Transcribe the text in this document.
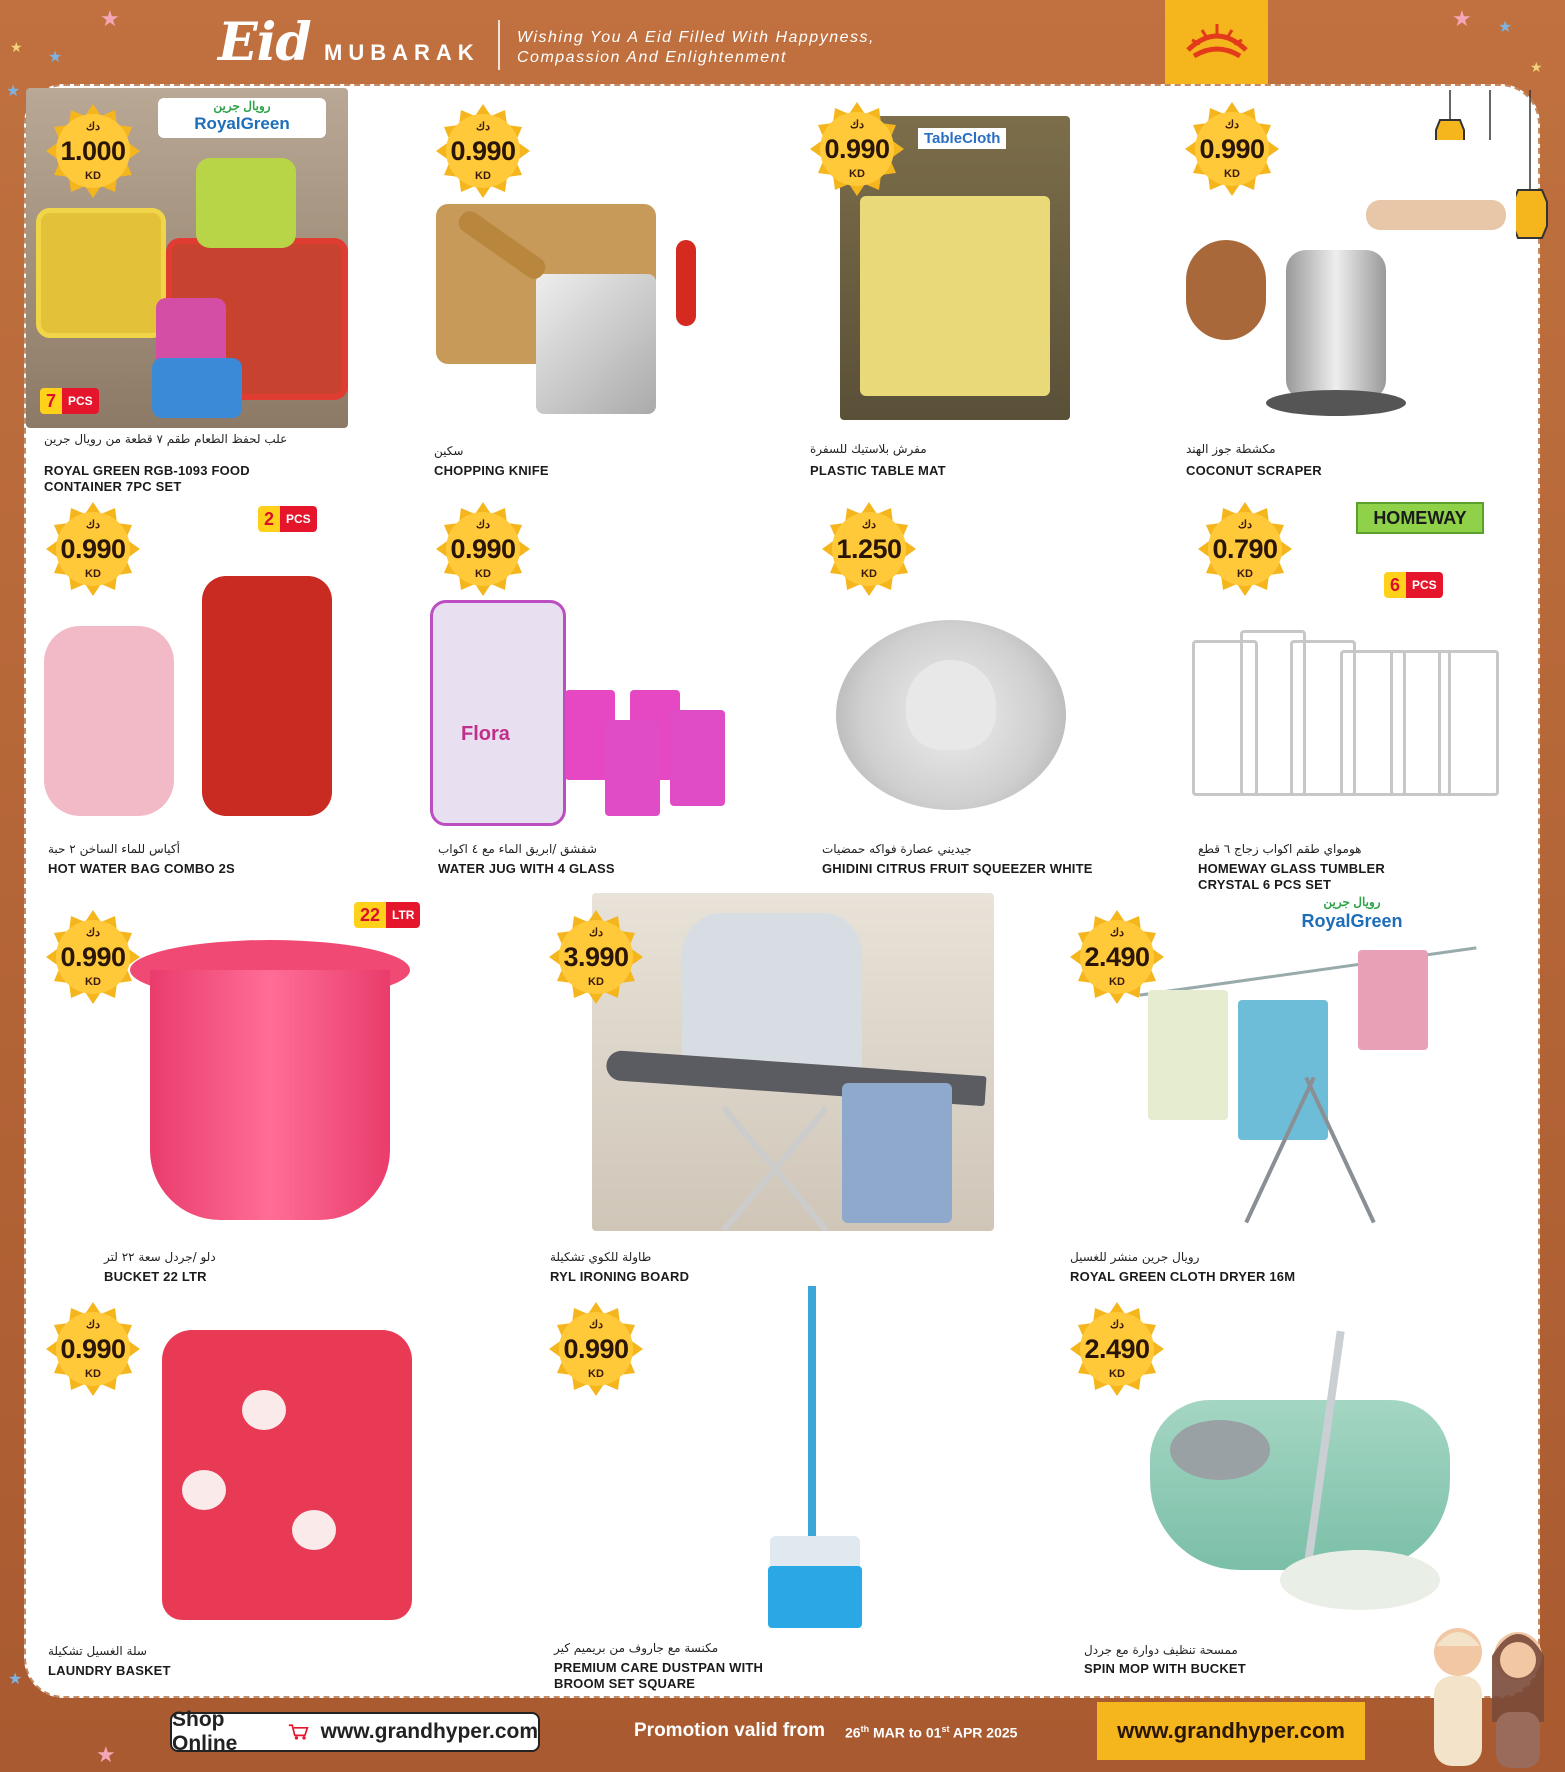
★
★
★
★
★ ★
★
★
★
Eid MUBARAK
Wishing You A Eid Filled With Happyness,
Compassion And Enlightenment
رويال جرين
RoyalGreen
7	PCS
دك
1.000
KD
علب لحفظ الطعام طقم ٧ قطعة من رويال جرين
ROYAL GREEN RGB-1093 FOOD
CONTAINER 7PC SET
دك
0.990
KD
سكين
CHOPPING KNIFE
TableCloth
دك
0.990
KD
مفرش بلاستيك للسفرة
PLASTIC TABLE MAT
دك
0.990
KD
مكشطة جوز الهند
COCONUT SCRAPER
2	PCS
دك
0.990
KD
أكياس للماء الساخن ٢ حبة
HOT WATER BAG COMBO 2S
Flora
دك
0.990
KD
شفشق /ابريق الماء مع ٤ اكواب
WATER JUG WITH 4 GLASS
دك
1.250
KD
جيديني عصارة فواكه حمضيات
GHIDINI CITRUS FRUIT SQUEEZER WHITE
6	PCS
HOMEWAY
دك
0.790
KD
هومواي طقم اكواب زجاج ٦ قطع
HOMEWAY GLASS TUMBLER
CRYSTAL 6 PCS SET
22	LTR
دك
0.990
KD
دلو /جردل سعة ٢٢ لتر
BUCKET 22 LTR
دك
3.990
KD
طاولة للكوي تشكيلة
RYL IRONING BOARD
رويال جرين
RoyalGreen
دك
2.490
KD
رويال جرين منشر للغسيل
ROYAL GREEN CLOTH DRYER 16M
دك
0.990
KD
سلة الغسيل تشكيلة
LAUNDRY BASKET
دك
0.990
KD
مكنسة مع جاروف من بريميم كير
PREMIUM CARE DUSTPAN WITH
BROOM SET SQUARE
دك
2.490
KD
ممسحة تنظيف دوارة مع جردل
SPIN MOP WITH BUCKET
Shop Online
www.grandhyper.com	Promotion valid from 26th MAR to 01st APR 2025	www.grandhyper.com
